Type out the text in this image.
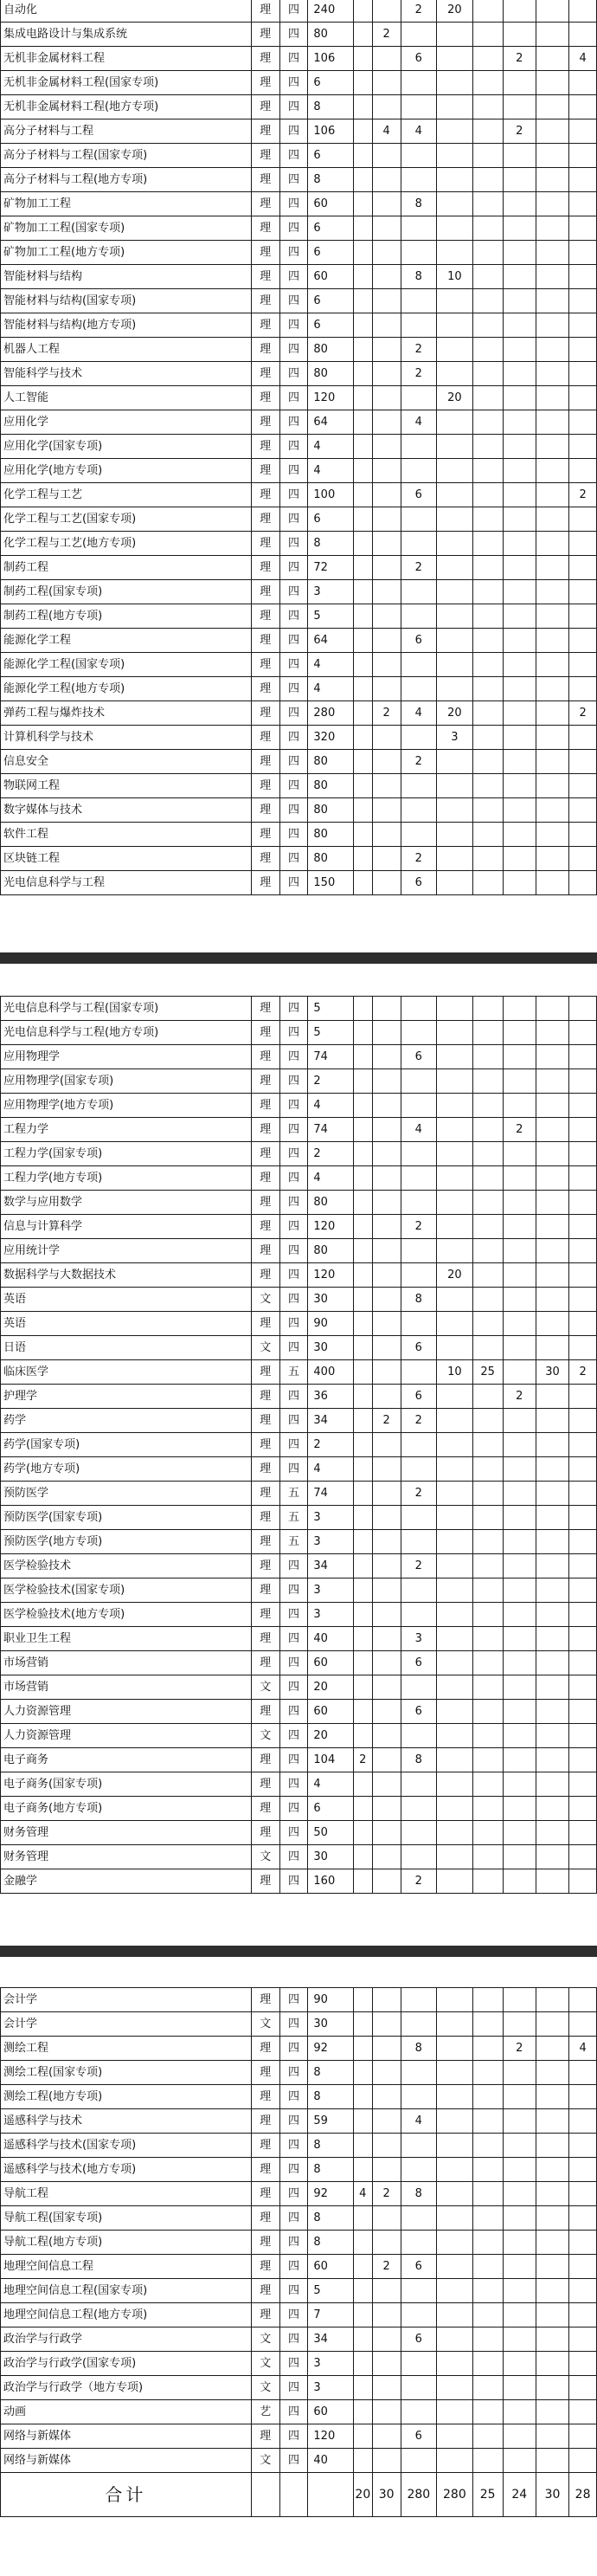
自动化	理	四	240			2	20				
集成电路设计与集成系统	理	四	80		2						
无机非金属材料工程	理	四	106			6			2		4
无机非金属材料工程(国家专项)	理	四	6								
无机非金属材料工程(地方专项)	理	四	8								
高分子材料与工程	理	四	106		4	4			2		
高分子材料与工程(国家专项)	理	四	6								
高分子材料与工程(地方专项)	理	四	8								
矿物加工工程	理	四	60			8					
矿物加工工程(国家专项)	理	四	6								
矿物加工工程(地方专项)	理	四	6								
智能材料与结构	理	四	60			8	10				
智能材料与结构(国家专项)	理	四	6								
智能材料与结构(地方专项)	理	四	6								
机器人工程	理	四	80			2					
智能科学与技术	理	四	80			2					
人工智能	理	四	120				20				
应用化学	理	四	64			4					
应用化学(国家专项)	理	四	4								
应用化学(地方专项)	理	四	4								
化学工程与工艺	理	四	100			6					2
化学工程与工艺(国家专项)	理	四	6								
化学工程与工艺(地方专项)	理	四	8								
制药工程	理	四	72			2					
制药工程(国家专项)	理	四	3								
制药工程(地方专项)	理	四	5								
能源化学工程	理	四	64			6					
能源化学工程(国家专项)	理	四	4								
能源化学工程(地方专项)	理	四	4								
弹药工程与爆炸技术	理	四	280		2	4	20				2
计算机科学与技术	理	四	320				3				
信息安全	理	四	80			2					
物联网工程	理	四	80								
数字媒体与技术	理	四	80								
软件工程	理	四	80								
区块链工程	理	四	80			2					
光电信息科学与工程	理	四	150			6					
光电信息科学与工程(国家专项)	理	四	5								
光电信息科学与工程(地方专项)	理	四	5								
应用物理学	理	四	74			6					
应用物理学(国家专项)	理	四	2								
应用物理学(地方专项)	理	四	4								
工程力学	理	四	74			4			2		
工程力学(国家专项)	理	四	2								
工程力学(地方专项)	理	四	4								
数学与应用数学	理	四	80								
信息与计算科学	理	四	120			2					
应用统计学	理	四	80								
数据科学与大数据技术	理	四	120				20				
英语	文	四	30			8					
英语	理	四	90								
日语	文	四	30			6					
临床医学	理	五	400				10	25		30	2
护理学	理	四	36			6			2		
药学	理	四	34		2	2					
药学(国家专项)	理	四	2								
药学(地方专项)	理	四	4								
预防医学	理	五	74			2					
预防医学(国家专项)	理	五	3								
预防医学(地方专项)	理	五	3								
医学检验技术	理	四	34			2					
医学检验技术(国家专项)	理	四	3								
医学检验技术(地方专项)	理	四	3								
职业卫生工程	理	四	40			3					
市场营销	理	四	60			6					
市场营销	文	四	20								
人力资源管理	理	四	60			6					
人力资源管理	文	四	20								
电子商务	理	四	104	2		8					
电子商务(国家专项)	理	四	4								
电子商务(地方专项)	理	四	6								
财务管理	理	四	50								
财务管理	文	四	30								
金融学	理	四	160			2					
会计学	理	四	90								
会计学	文	四	30								
测绘工程	理	四	92			8			2		4
测绘工程(国家专项)	理	四	8								
测绘工程(地方专项)	理	四	8								
遥感科学与技术	理	四	59			4					
遥感科学与技术(国家专项)	理	四	8								
遥感科学与技术(地方专项)	理	四	8								
导航工程	理	四	92	4	2	8					
导航工程(国家专项)	理	四	8								
导航工程(地方专项)	理	四	8								
地理空间信息工程	理	四	60		2	6					
地理空间信息工程(国家专项)	理	四	5								
地理空间信息工程(地方专项)	理	四	7								
政治学与行政学	文	四	34			6					
政治学与行政学(国家专项)	文	四	3								
政治学与行政学（地方专项)	文	四	3								
动画	艺	四	60								
网络与新媒体	理	四	120			6					
网络与新媒体	文	四	40								
合计				20	30	280	280	25	24	30	28
